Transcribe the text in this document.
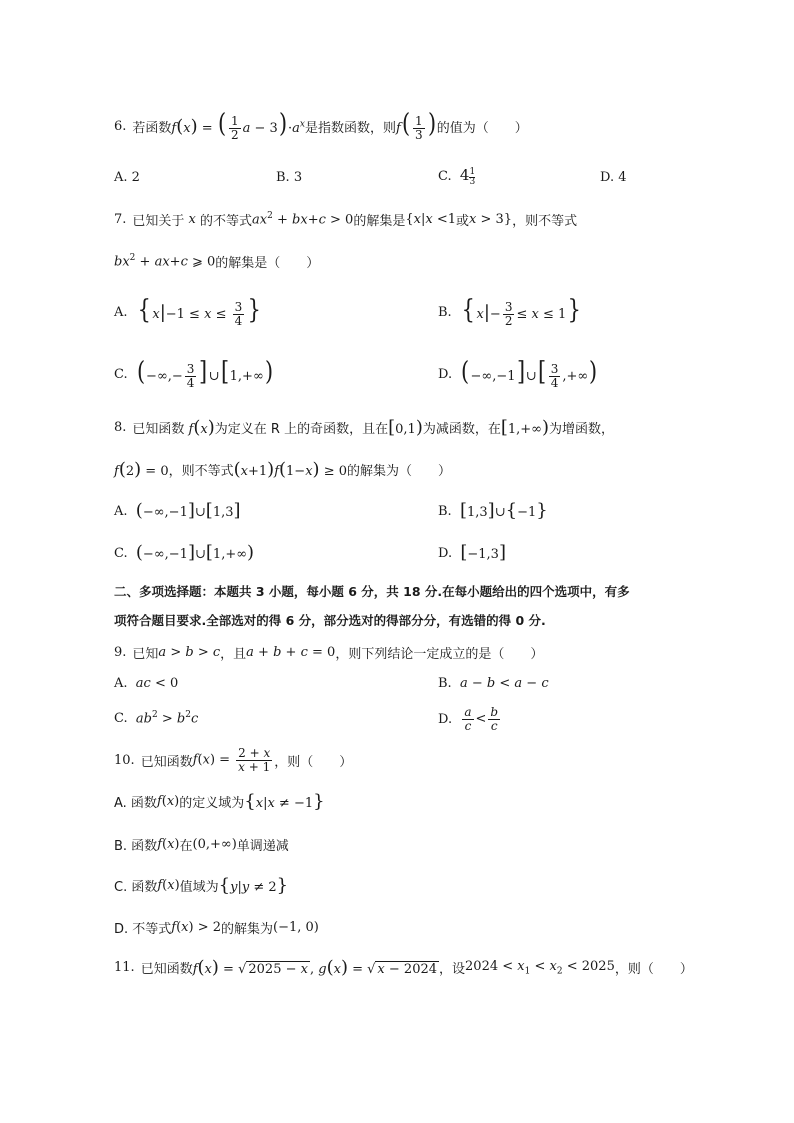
6. 若函数 f(x) = ( $\frac{1}{2}$ $a - 3)\cdot a^x$ 是指数函数，则 $f( \frac{1}{3}$ ) 的值为（　　）
A. 2	B. 3	C.
4 $^{\frac{1}{3}}$	D. 4
7. 已知关于 x 的不等式 $ax^2 + bx+c > 0$ 的解集是 {x|x <1 或 x > 3} ，则不等式
$bx^2 + ax+c$ ⩾ 0 的解集是（　　）
A.
{ $x|-1 \le x \le \frac{3}{4}$ }	B.
{ $x|- \frac{3}{2} \le x \le 1$}
C.
(−∞,− $\frac{3}{4}$ ]∪[1,+∞)	D.
(−∞,−1]∪[ $\frac{3}{4}$ ,+∞)
8. 已知函数 f(x) 为定义在 R 上的奇函数，且在 [0,1) 为减函数，在 [1,+∞) 为增函数，
f(2) = 0 ，则不等式 (x+1)f(1−x) ≥ 0 的解集为（　　）
A.
(−∞,−1]∪[1,3]	B.
[1,3]∪{−1}
C.
(−∞,−1]∪[1,+∞)	D.
[−1,3]
二、多项选择题：本题共 3 小题，每小题 6 分，共 18 分.在每小题给出的四个选项中，有多
项符合题目要求.全部选对的得 6 分，部分选对的得部分分，有选错的得 0 分.
9. 已知 a > b > c ，且 a + b + c = 0 ，则下列结论一定成立的是（　　）
A.
ac < 0	B.
a − b < a − c
C.
$ab^2 > b^2c$	D.
$\frac{a}{c} < \frac{b}{c}$
10. 已知函数 $f(x) = \frac{2 + x}{x + 1}$ ，则（　　）
A. 函数 f(x) 的定义域为 {x|x ≠ −1}
B. 函数 f(x) 在 (0,+∞) 单调递减
C. 函数 f(x) 值域为 {y|y ≠ 2}
D. 不等式 f(x) > 2 的解集为 (−1, 0)
11. 已知函数 f(x) = √ 2025 − x , g(x) = √ x − 2024 ，设 $2024 < x_1 < x_2 < 2025$ ，则（　　）
